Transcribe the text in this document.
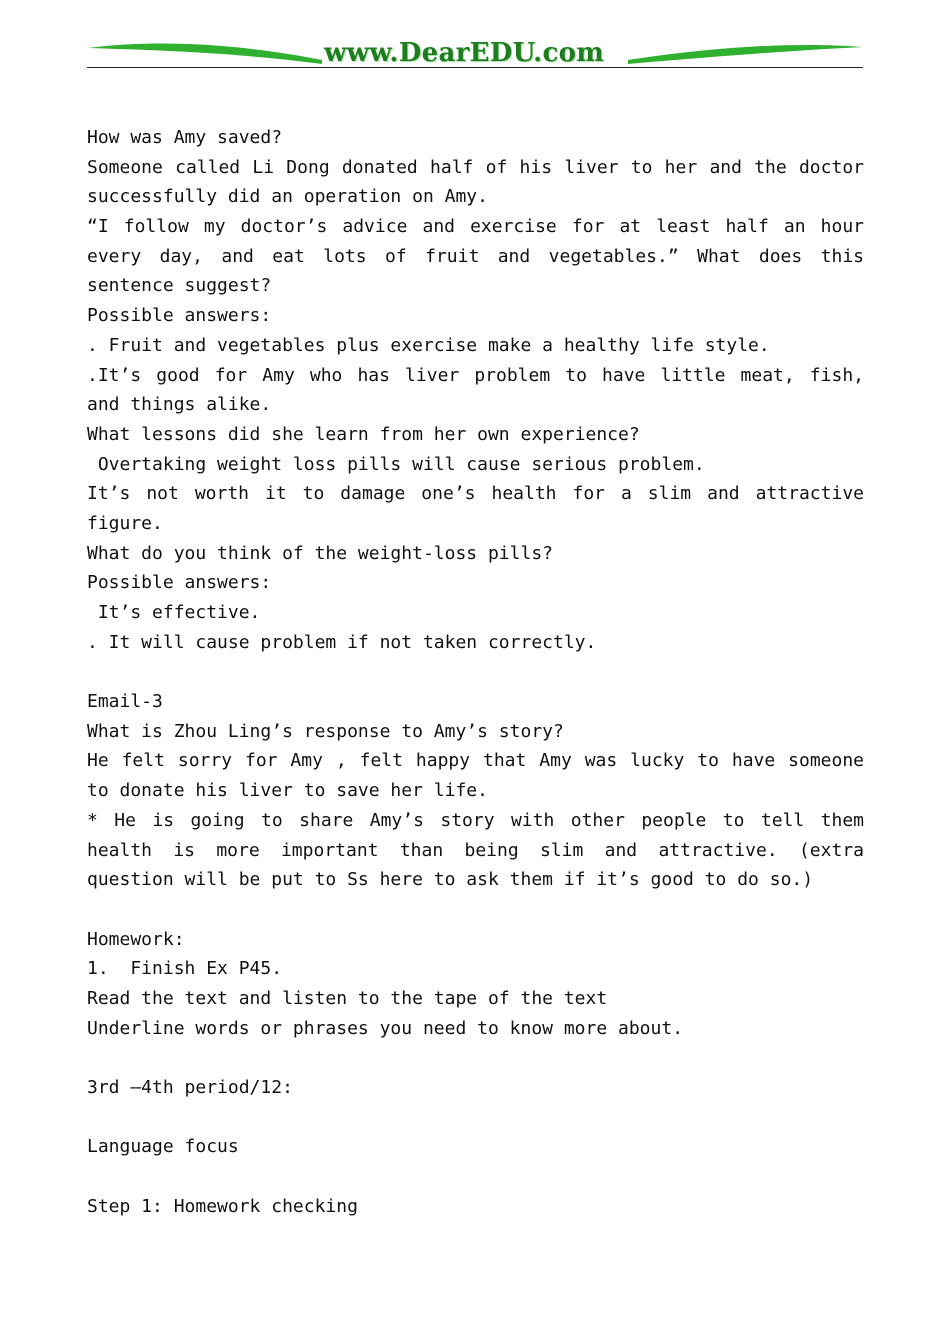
www.DearEDU.com
How was Amy saved?
Someone called Li Dong donated half of his liver to her and the doctor
successfully did an operation on Amy.
“I follow my doctor’s advice and exercise for at least half an hour
every day, and eat lots of fruit and vegetables.” What does this
sentence suggest?
Possible answers:
. Fruit and vegetables plus exercise make a healthy life style.
.It’s good for Amy who has liver problem to have little meat, fish,
and things alike.
What lessons did she learn from her own experience?
Overtaking weight loss pills will cause serious problem.
It’s not worth it to damage one’s health for a slim and attractive
figure.
What do you think of the weight-loss pills?
Possible answers:
It’s effective.
. It will cause problem if not taken correctly.
Email-3
What is Zhou Ling’s response to Amy’s story?
He felt sorry for Amy , felt happy that Amy was lucky to have someone
to donate his liver to save her life.
* He is going to share Amy’s story with other people to tell them
health is more important than being slim and attractive. (extra
question will be put to Ss here to ask them if it’s good to do so.)
Homework:
1.  Finish Ex P45.
Read the text and listen to the tape of the text
Underline words or phrases you need to know more about.
3rd –4th period/12:
Language focus
Step 1: Homework checking
